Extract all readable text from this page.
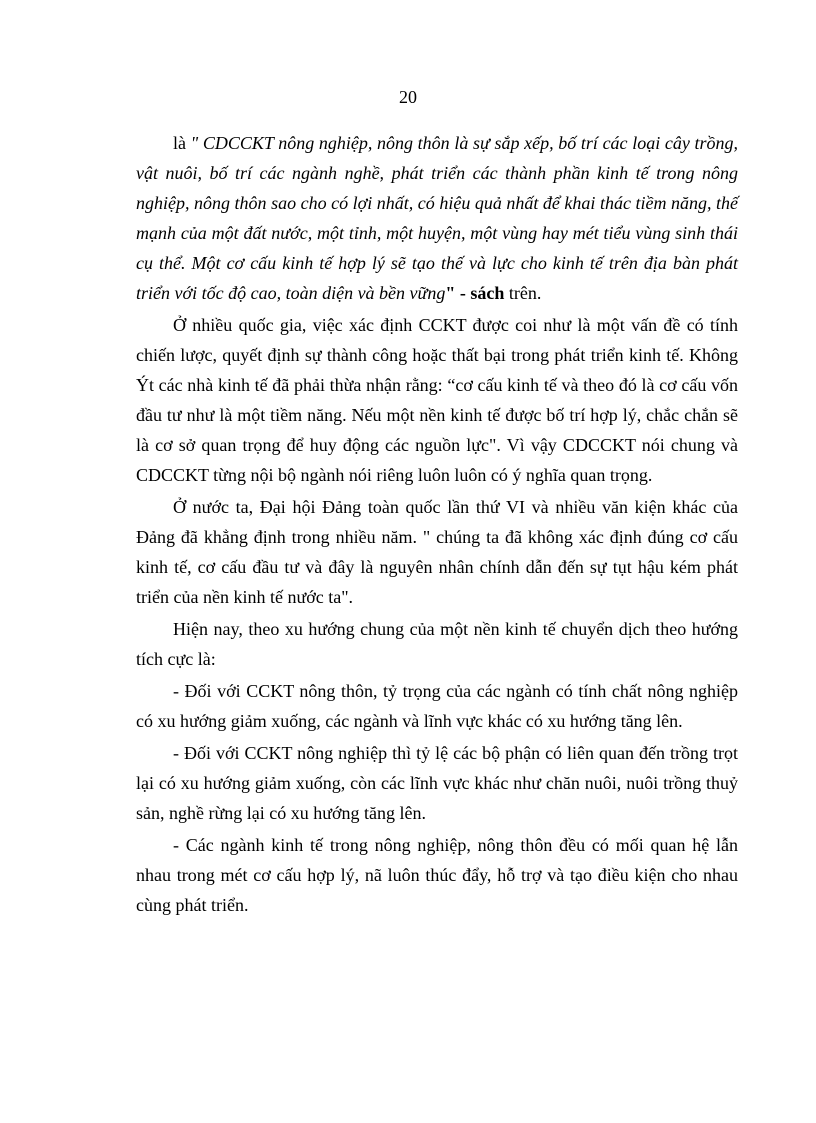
20

là " CDCCKT nông nghiệp, nông thôn là sự sắp xếp, bố trí các loại cây trồng, vật nuôi, bố trí các ngành nghề, phát triển các thành phần kinh tế trong nông nghiệp, nông thôn sao cho có lợi nhất, có hiệu quả nhất để khai thác tiềm năng, thế mạnh của một đất nước, một tỉnh, một huyện, một vùng hay mét tiểu vùng sinh thái cụ thể. Một cơ cấu kinh tế hợp lý sẽ tạo thế và lực cho kinh tế trên địa bàn phát triển với tốc độ cao, toàn diện và bền vững" - sách trên.

Ở nhiều quốc gia, việc xác định CCKT được coi như là một vấn đề có tính chiến lược, quyết định sự thành công hoặc thất bại trong phát triển kinh tế. Không Ýt các nhà kinh tế đã phải thừa nhận rằng: “cơ cấu kinh tế và theo đó là cơ cấu vốn đầu tư như là một tiềm năng. Nếu một nền kinh tế được bố trí hợp lý, chắc chắn sẽ là cơ sở quan trọng để huy động các nguồn lực". Vì vậy CDCCKT nói chung và CDCCKT từng nội bộ ngành nói riêng luôn luôn có ý nghĩa quan trọng.

Ở nước ta, Đại hội Đảng toàn quốc lần thứ VI và nhiều văn kiện khác của Đảng đã khẳng định trong nhiều năm. " chúng ta đã không xác định đúng cơ cấu kinh tế, cơ cấu đầu tư và đây là nguyên nhân chính dẫn đến sự tụt hậu kém phát triển của nền kinh tế nước ta".

Hiện nay, theo xu hướng chung của một nền kinh tế chuyển dịch theo hướng tích cực là:

- Đối với CCKT nông thôn, tỷ trọng của các ngành có tính chất nông nghiệp có xu hướng giảm xuống, các ngành và lĩnh vực khác có xu hướng tăng lên.

- Đối với CCKT nông nghiệp thì tỷ lệ các bộ phận có liên quan đến trồng trọt lại có xu hướng giảm xuống, còn các lĩnh vực khác như chăn nuôi, nuôi trồng thuỷ sản, nghề rừng lại có xu hướng tăng lên.

- Các ngành kinh tế trong nông nghiệp, nông thôn đều có mối quan hệ lẫn nhau trong mét cơ cấu hợp lý, nã luôn thúc đẩy, hỗ trợ và tạo điều kiện cho nhau cùng phát triển.
